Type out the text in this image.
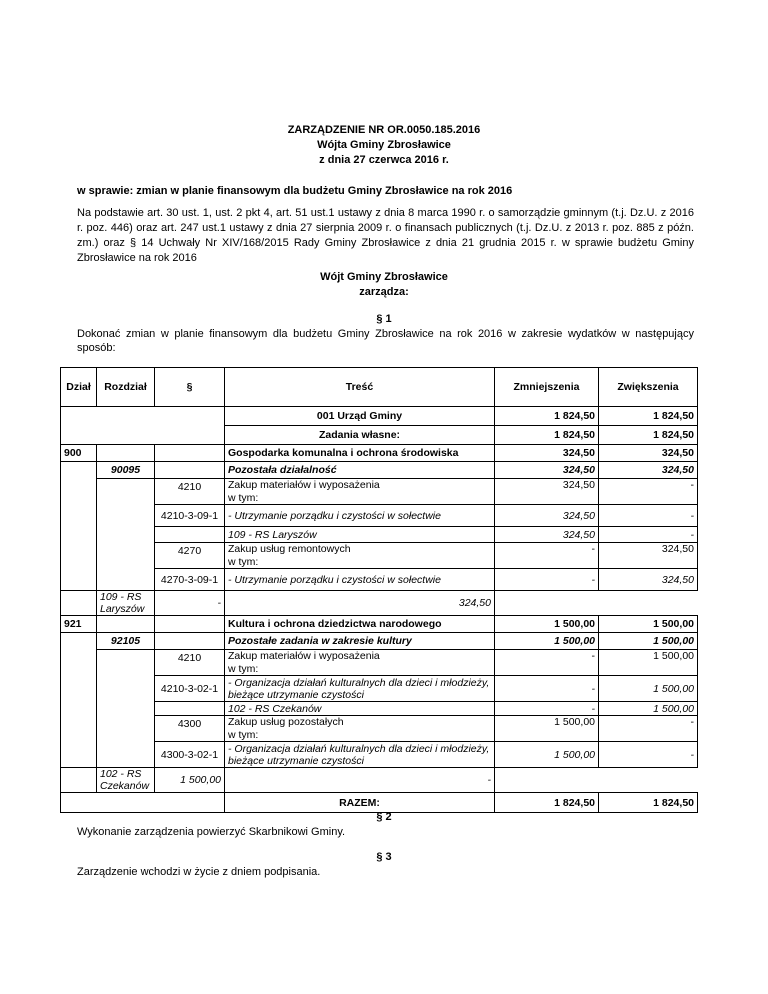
ZARZĄDZENIE NR OR.0050.185.2016

Wójta Gminy Zbrosławice

z dnia 27 czerwca 2016 r.

w sprawie: zmian w planie finansowym dla budżetu Gminy Zbrosławice na rok 2016

Na podstawie art. 30 ust. 1, ust. 2 pkt 4, art. 51 ust.1 ustawy z dnia 8 marca 1990 r. o samorządzie gminnym (t.j. Dz.U. z 2016 r. poz. 446) oraz art. 247 ust.1 ustawy z dnia 27 sierpnia 2009 r. o finansach publicznych (t.j. Dz.U. z 2013 r. poz. 885 z późn. zm.) oraz § 14 Uchwały Nr XIV/168/2015 Rady Gminy Zbrosławice z dnia 21 grudnia 2015 r. w sprawie budżetu Gminy Zbrosławice na rok 2016

Wójt Gminy Zbrosławice

zarządza:

§ 1

Dokonać zmian w planie finansowym dla budżetu Gminy Zbrosławice na rok 2016 w zakresie wydatków w następujący sposób:

Dział	Rozdział	§	Treść	Zmniejszenia	Zwiększenia
			001 Urząd Gminy	1 824,50	1 824,50
			Zadania własne:	1 824,50	1 824,50
900			Gospodarka komunalna i ochrona środowiska	324,50	324,50
	90095		Pozostała działalność	324,50	324,50
		4210	Zakup materiałów i wyposażenia	324,50	-
			w tym:		
		4210-3-09-1	- Utrzymanie porządku i czystości w sołectwie	324,50	-
			109 - RS Laryszów	324,50	-
		4270	Zakup usług remontowych	-	324,50
			w tym:		
		4270-3-09-1	- Utrzymanie porządku i czystości w sołectwie	-	324,50
	109 - RS Laryszów	-	324,50		
921			Kultura i ochrona dziedzictwa narodowego	1 500,00	1 500,00
	92105		Pozostałe zadania w zakresie kultury	1 500,00	1 500,00
		4210	Zakup materiałów i wyposażenia	-	1 500,00
			w tym:		
		4210-3-02-1	- Organizacja działań kulturalnych dla dzieci i młodzieży, bieżące utrzymanie czystości	-	1 500,00
			102 - RS Czekanów	-	1 500,00
		4300	Zakup usług pozostałych	1 500,00	-
			w tym:		
		4300-3-02-1	- Organizacja działań kulturalnych dla dzieci i młodzieży, bieżące utrzymanie czystości	1 500,00	-
	102 - RS Czekanów	1 500,00	-		
			RAZEM:	1 824,50	1 824,50

§ 2

Wykonanie zarządzenia powierzyć Skarbnikowi Gminy.

§ 3

Zarządzenie wchodzi w życie z dniem podpisania.
